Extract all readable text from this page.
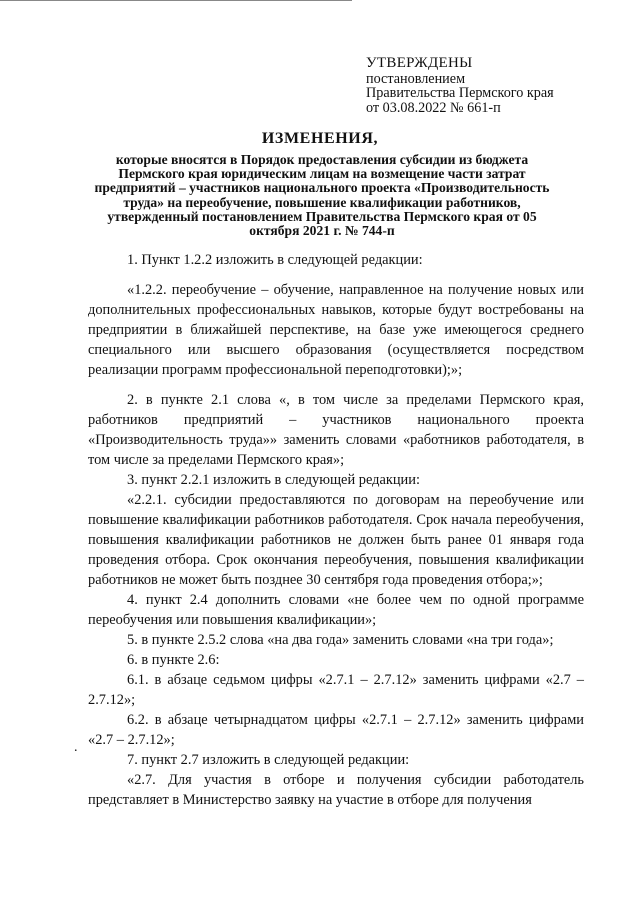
УТВЕРЖДЕНЫ
постановлением
Правительства Пермского края
от 03.08.2022 № 661-п
ИЗМЕНЕНИЯ,
которые вносятся в Порядок предоставления субсидии из бюджета Пермского края юридическим лицам на возмещение части затрат предприятий – участников национального проекта «Производительность труда» на переобучение, повышение квалификации работников, утвержденный постановлением Правительства Пермского края от 05 октября 2021 г. № 744-п

1. Пункт 1.2.2 изложить в следующей редакции:

«1.2.2. переобучение – обучение, направленное на получение новых или дополнительных профессиональных навыков, которые будут востребованы на предприятии в ближайшей перспективе, на базе уже имеющегося среднего специального или высшего образования (осуществляется посредством реализации программ профессиональной переподготовки);»;

2. в пункте 2.1 слова «, в том числе за пределами Пермского края, работников предприятий – участников национального проекта «Производительность труда»» заменить словами «работников работодателя, в том числе за пределами Пермского края»;

3. пункт 2.2.1 изложить в следующей редакции:

«2.2.1. субсидии предоставляются по договорам на переобучение или повышение квалификации работников работодателя. Срок начала переобучения, повышения квалификации работников не должен быть ранее 01 января года проведения отбора. Срок окончания переобучения, повышения квалификации работников не может быть позднее 30 сентября года проведения отбора;»;

4. пункт 2.4 дополнить словами «не более чем по одной программе переобучения или повышения квалификации»;

5. в пункте 2.5.2 слова «на два года» заменить словами «на три года»;

6. в пункте 2.6:

6.1. в абзаце седьмом цифры «2.7.1 – 2.7.12» заменить цифрами «2.7 – 2.7.12»;

6.2. в абзаце четырнадцатом цифры «2.7.1 – 2.7.12» заменить цифрами «2.7 – 2.7.12»;

7. пункт 2.7 изложить в следующей редакции:

«2.7. Для участия в отборе и получения субсидии работодатель представляет в Министерство заявку на участие в отборе для получения

.
